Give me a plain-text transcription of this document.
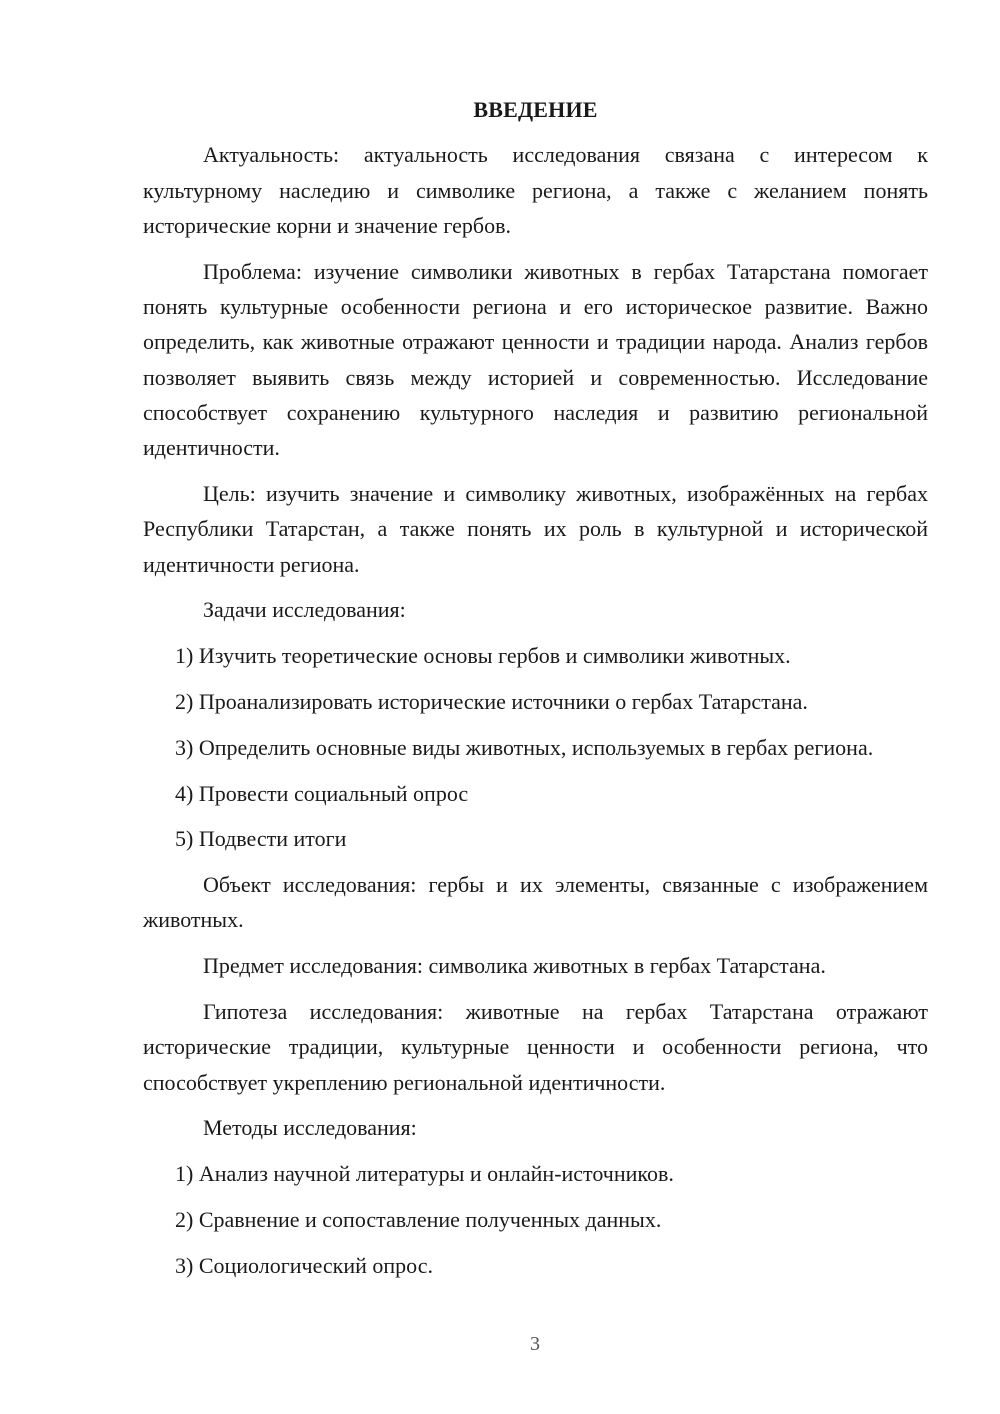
ВВЕДЕНИЕ

Актуальность: актуальность исследования связана с интересом к культурному наследию и символике региона, а также с желанием понять исторические корни и значение гербов.

Проблема: изучение символики животных в гербах Татарстана помогает понять культурные особенности региона и его историческое развитие. Важно определить, как животные отражают ценности и традиции народа. Анализ гербов позволяет выявить связь между историей и современностью. Исследование способствует сохранению культурного наследия и развитию региональной идентичности.

Цель: изучить значение и символику животных, изображённых на гербах Республики Татарстан, а также понять их роль в культурной и исторической идентичности региона.

Задачи исследования:

1) Изучить теоретические основы гербов и символики животных.

2) Проанализировать исторические источники о гербах Татарстана.

3) Определить основные виды животных, используемых в гербах региона.

4) Провести социальный опрос

5) Подвести итоги

Объект исследования: гербы и их элементы, связанные с изображением животных.

Предмет исследования: символика животных в гербах Татарстана.

Гипотеза исследования: животные на гербах Татарстана отражают исторические традиции, культурные ценности и особенности региона, что способствует укреплению региональной идентичности.

Методы исследования:

1) Анализ научной литературы и онлайн-источников.

2) Сравнение и сопоставление полученных данных.

3) Социологический опрос.

3
